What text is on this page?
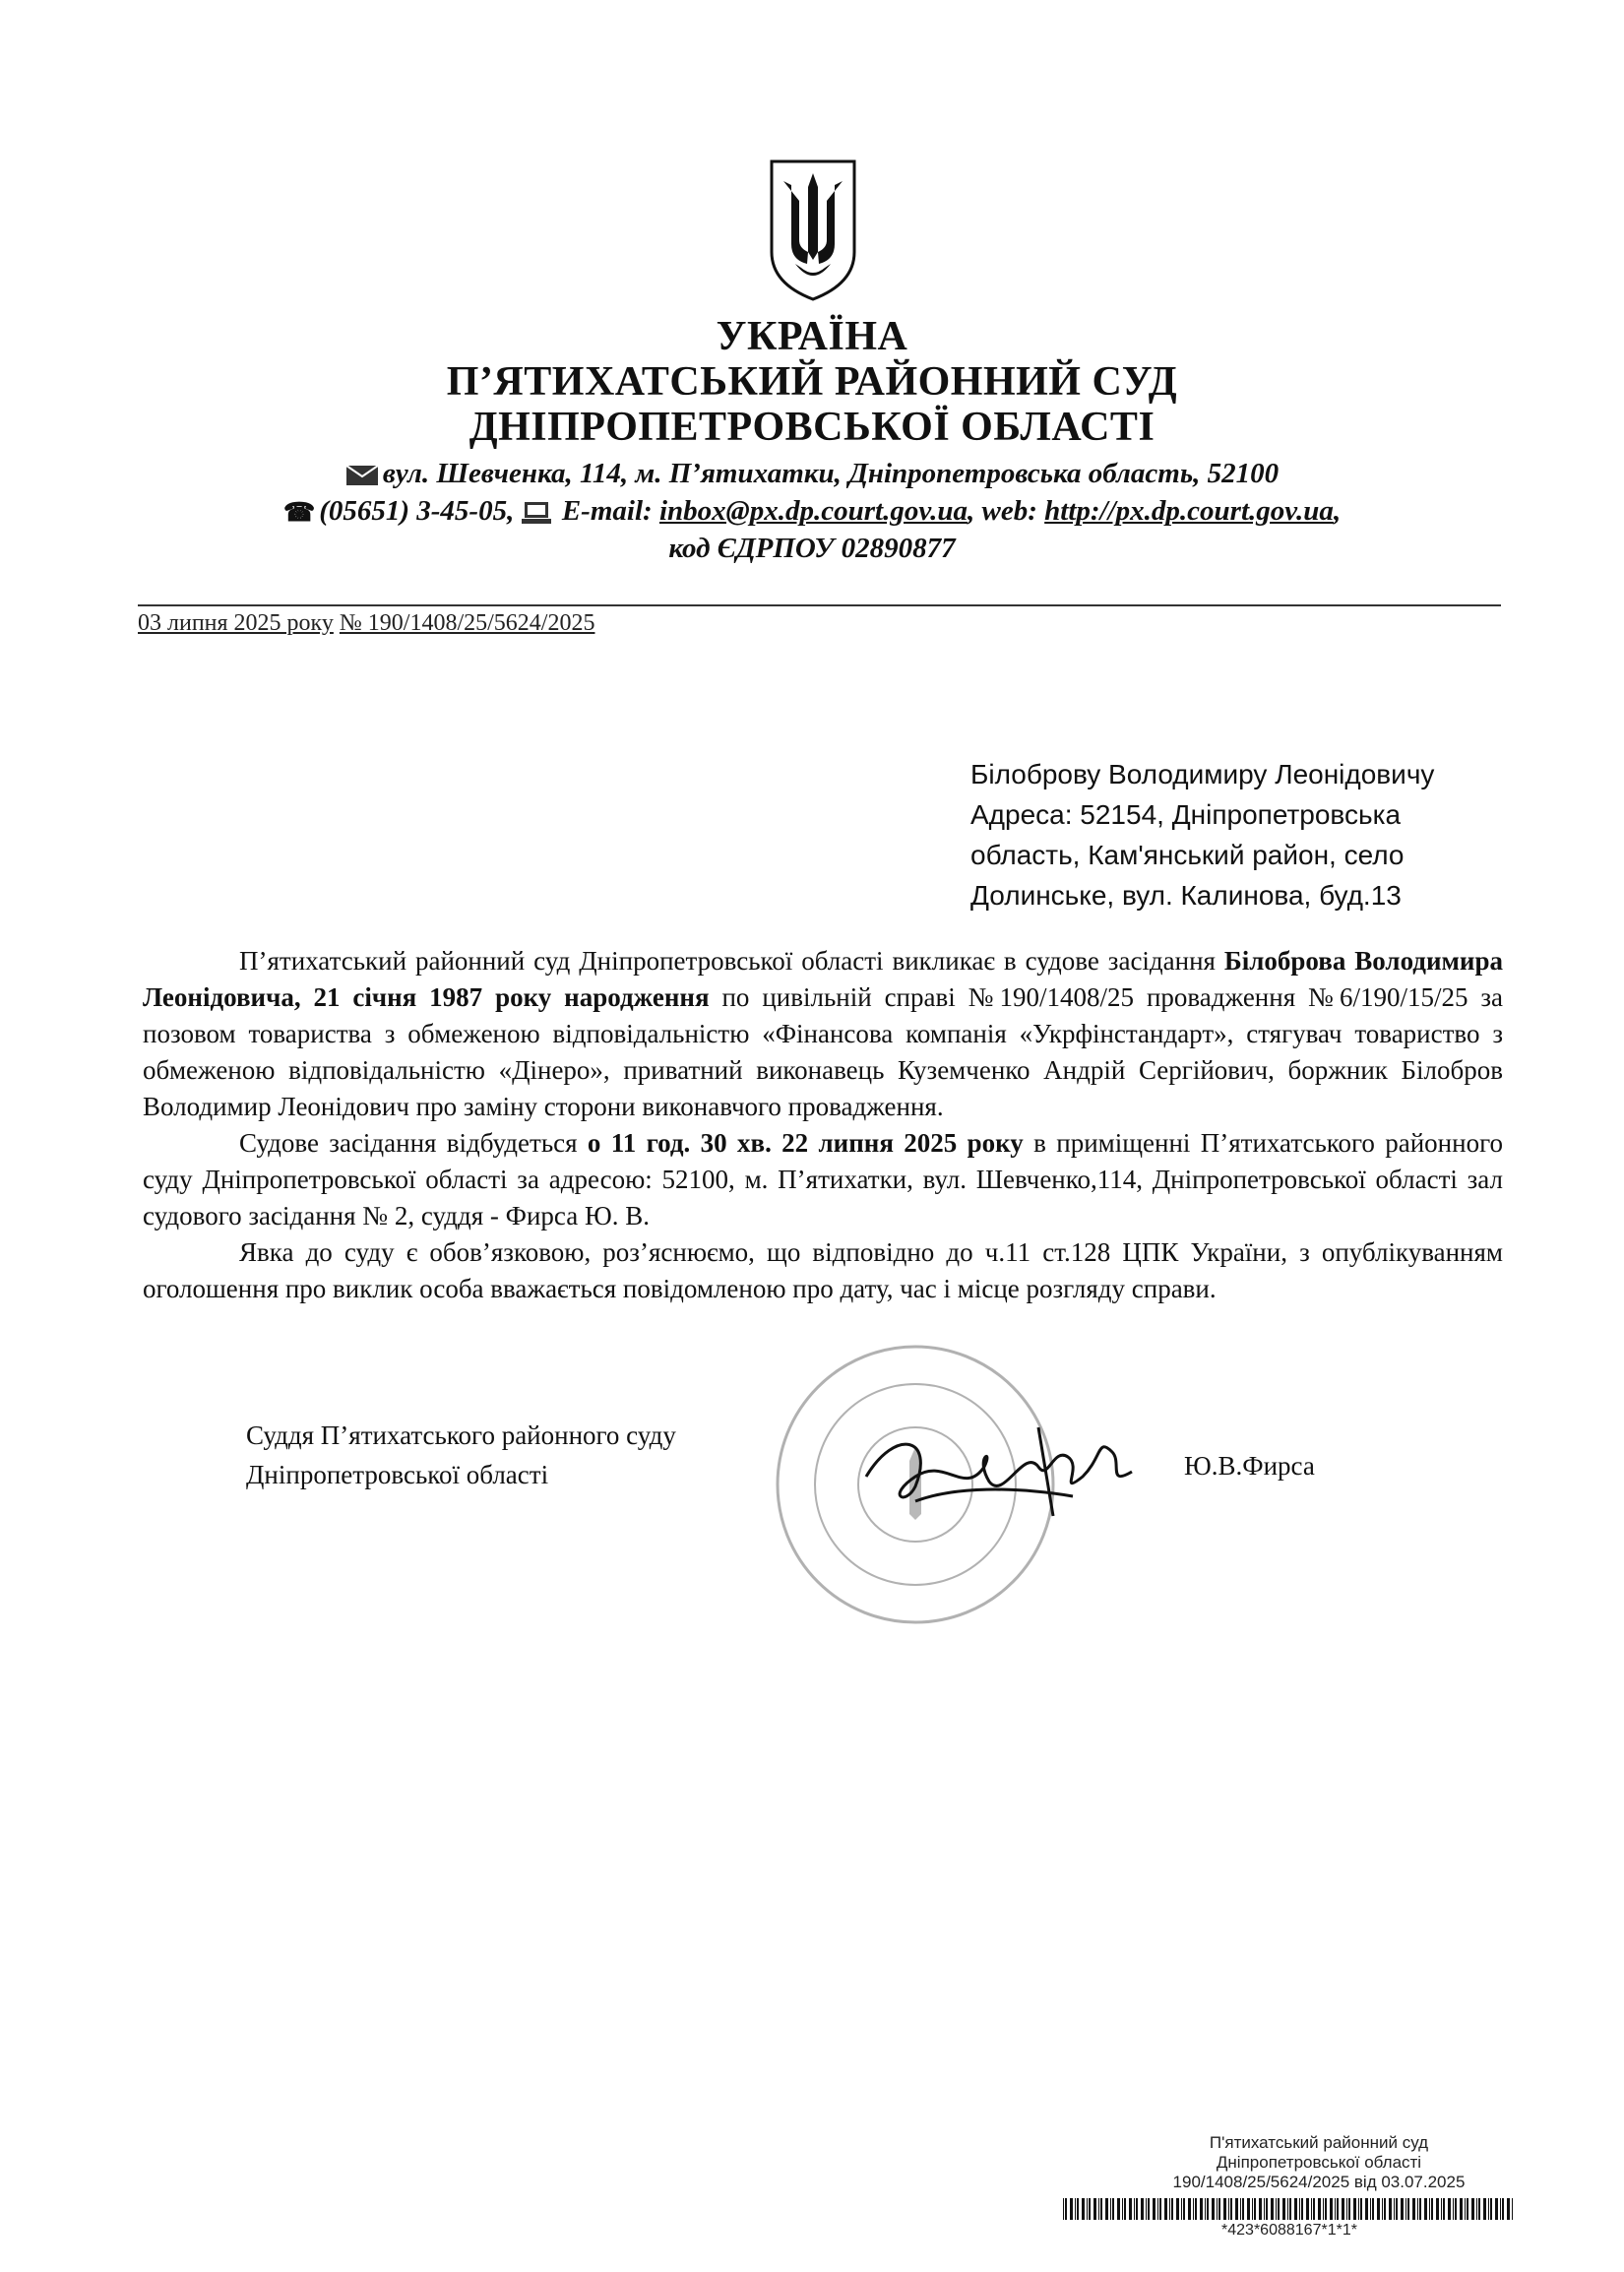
УКРАЇНА
П’ЯТИХАТСЬКИЙ РАЙОННИЙ СУД
ДНІПРОПЕТРОВСЬКОЇ ОБЛАСТІ
вул. Шевченка, 114, м. П’ятихатки, Дніпропетровська область, 52100
☎ (05651) 3-45-05, E-mail: inbox@px.dp.court.gov.ua, web: http://px.dp.court.gov.ua,
код ЄДРПОУ 02890877
03 липня 2025 року № 190/1408/25/5624/2025
Білоброву Володимиру Леонідовичу
Адреса: 52154, Дніпропетровська
область, Кам'янський район, село
Долинське, вул. Калинова, буд.13

П’ятихатський районний суд Дніпропетровської області викликає в судове засідання Білоброва Володимира Леонідовича, 21 січня 1987 року народження по цивільній справі №190/1408/25 провадження №6/190/15/25 за позовом товариства з обмеженою відповідальністю «Фінансова компанія «Укрфінстандарт», стягувач товариство з обмеженою відповідальністю «Дінеро», приватний виконавець Кузeмченко Андрій Сергійович, боржник Білобров Володимир Леонідович про заміну сторони виконавчого провадження.

Судове засідання відбудеться о 11 год. 30 хв. 22 липня 2025 року в приміщенні П’ятихатського районного суду Дніпропетровської області за адресою: 52100, м. П’ятихатки, вул. Шевченко,114, Дніпропетровської області зал судового засідання № 2, суддя - Фирса Ю. В.

Явка до суду є обов’язковою, роз’яснюємо, що відповідно до ч.11 ст.128 ЦПК України, з опублікуванням оголошення про виклик особа вважається повідомленою про дату, час і місце розгляду справи.

Суддя П’ятихатського районного суду
Дніпропетровської області	Ю.В.Фирса
П'ятихатський районний суд
Дніпропетровської області
190/1408/25/5624/2025 від 03.07.2025
*423*6088167*1*1*
